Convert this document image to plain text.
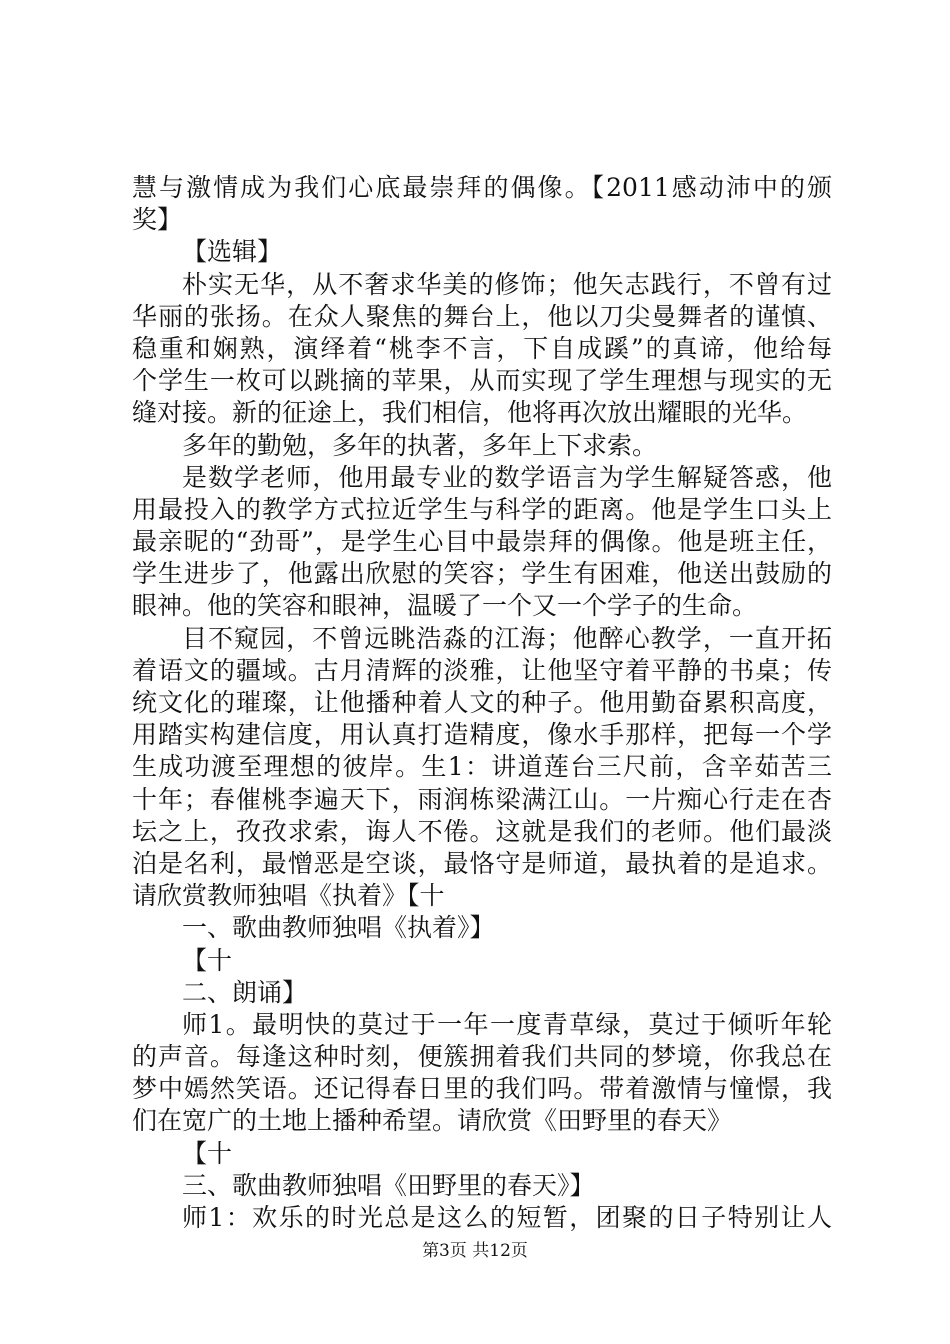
慧与激情成为我们心底最崇拜的偶像。【2011感动沛中的颁
奖】
【选辑】
朴实无华，从不奢求华美的修饰；他矢志践行，不曾有过
华丽的张扬。在众人聚焦的舞台上，他以刀尖曼舞者的谨慎、
稳重和娴熟，演绎着“桃李不言，下自成蹊”的真谛，他给每
个学生一枚可以跳摘的苹果，从而实现了学生理想与现实的无
缝对接。新的征途上，我们相信，他将再次放出耀眼的光华。
多年的勤勉，多年的执著，多年上下求索。
是数学老师，他用最专业的数学语言为学生解疑答惑，他
用最投入的教学方式拉近学生与科学的距离。他是学生口头上
最亲昵的“劲哥”，是学生心目中最崇拜的偶像。他是班主任，
学生进步了，他露出欣慰的笑容；学生有困难，他送出鼓励的
眼神。他的笑容和眼神，温暖了一个又一个学子的生命。
目不窥园，不曾远眺浩淼的江海；他醉心教学，一直开拓
着语文的疆域。古月清辉的淡雅，让他坚守着平静的书桌；传
统文化的璀璨，让他播种着人文的种子。他用勤奋累积高度，
用踏实构建信度，用认真打造精度，像水手那样，把每一个学
生成功渡至理想的彼岸。生1：讲道莲台三尺前，含辛茹苦三
十年；春催桃李遍天下，雨润栋梁满江山。一片痴心行走在杏
坛之上，孜孜求索，诲人不倦。这就是我们的老师。他们最淡
泊是名利，最憎恶是空谈，最恪守是师道，最执着的是追求。
请欣赏教师独唱《执着》【十
一、歌曲教师独唱《执着》】
【十
二、朗诵】
师1。最明快的莫过于一年一度青草绿，莫过于倾听年轮
的声音。每逢这种时刻，便簇拥着我们共同的梦境，你我总在
梦中嫣然笑语。还记得春日里的我们吗。带着激情与憧憬，我
们在宽广的土地上播种希望。请欣赏《田野里的春天》
【十
三、歌曲教师独唱《田野里的春天》】
师1：欢乐的时光总是这么的短暂，团聚的日子特别让人
第3页 共12页
